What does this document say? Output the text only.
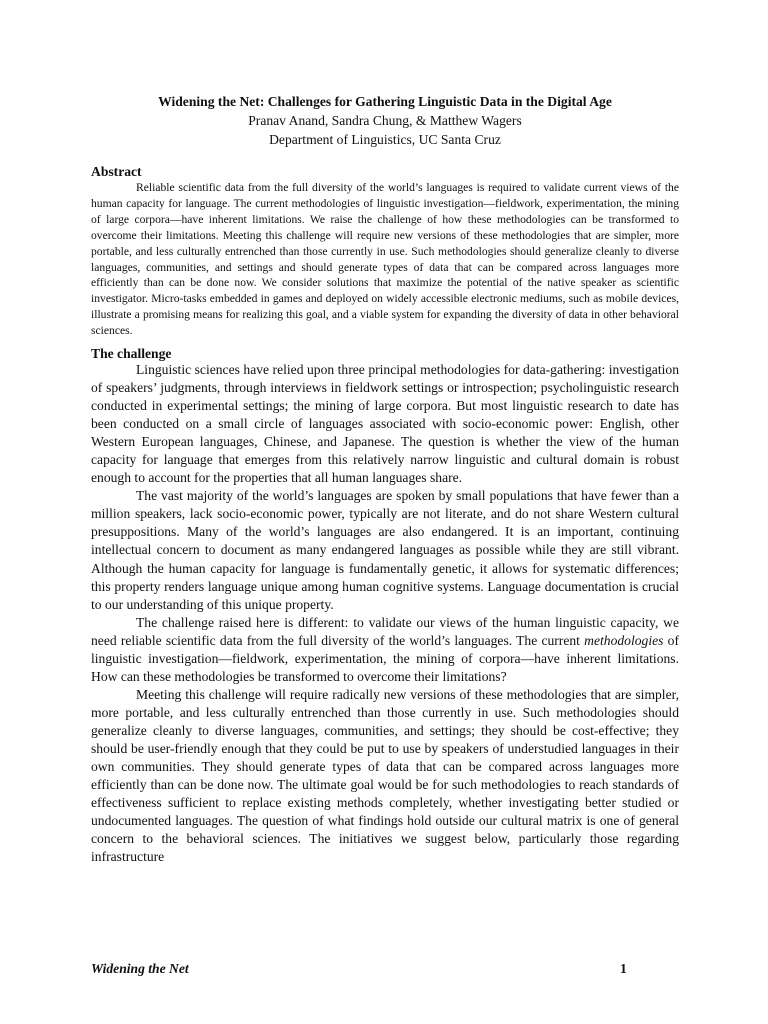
Widening the Net: Challenges for Gathering Linguistic Data in the Digital Age

Pranav Anand, Sandra Chung, & Matthew Wagers

Department of Linguistics, UC Santa Cruz

Abstract

Reliable scientific data from the full diversity of the world’s languages is required to validate current views of the human capacity for language. The current methodologies of linguistic investigation—fieldwork, experimentation, the mining of large corpora—have inherent limitations. We raise the challenge of how these methodologies can be transformed to overcome their limitations. Meeting this challenge will require new versions of these methodologies that are simpler, more portable, and less culturally entrenched than those currently in use. Such methodologies should generalize cleanly to diverse languages, communities, and settings and should generate types of data that can be compared across languages more efficiently than can be done now. We consider solutions that maximize the potential of the native speaker as scientific investigator. Micro-tasks embedded in games and deployed on widely accessible electronic mediums, such as mobile devices, illustrate a promising means for realizing this goal, and a viable system for expanding the diversity of data in other behavioral sciences.

The challenge

Linguistic sciences have relied upon three principal methodologies for data-gathering: investigation of speakers’ judgments, through interviews in fieldwork settings or introspection; psycholinguistic research conducted in experimental settings; the mining of large corpora. But most linguistic research to date has been conducted on a small circle of languages associated with socio-economic power: English, other Western European languages, Chinese, and Japanese. The question is whether the view of the human capacity for language that emerges from this relatively narrow linguistic and cultural domain is robust enough to account for the properties that all human languages share.

The vast majority of the world’s languages are spoken by small populations that have fewer than a million speakers, lack socio-economic power, typically are not literate, and do not share Western cultural presuppositions. Many of the world’s languages are also endangered. It is an important, continuing intellectual concern to document as many endangered languages as possible while they are still vibrant. Although the human capacity for language is fundamentally genetic, it allows for systematic differences; this property renders language unique among human cognitive systems. Language documentation is crucial to our understanding of this unique property.

The challenge raised here is different: to validate our views of the human linguistic capacity, we need reliable scientific data from the full diversity of the world’s languages. The current methodologies of linguistic investigation—fieldwork, experimentation, the mining of corpora—have inherent limitations. How can these methodologies be transformed to overcome their limitations?

Meeting this challenge will require radically new versions of these methodologies that are simpler, more portable, and less culturally entrenched than those currently in use. Such methodologies should generalize cleanly to diverse languages, communities, and settings; they should be cost-effective; they should be user-friendly enough that they could be put to use by speakers of understudied languages in their own communities. They should generate types of data that can be compared across languages more efficiently than can be done now. The ultimate goal would be for such methodologies to reach standards of effectiveness sufficient to replace existing methods completely, whether investigating better studied or undocumented languages. The question of what findings hold outside our cultural matrix is one of general concern to the behavioral sciences. The initiatives we suggest below, particularly those regarding infrastructure

Widening the Net	1
